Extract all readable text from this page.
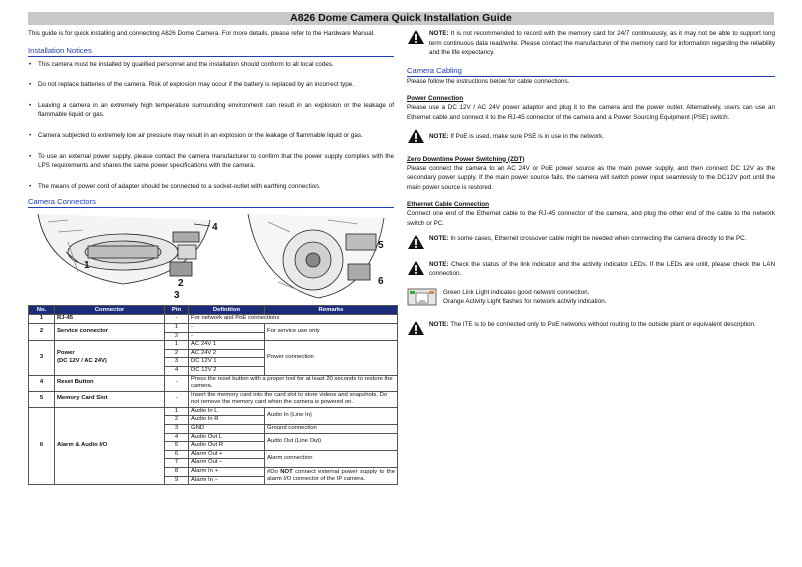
A826 Dome Camera Quick Installation Guide

This guide is for quick installing and connecting A826 Dome Camera. For more details, please refer to the Hardware Manual.

Installation Notices
• This camera must be installed by qualified personnel and the installation should conform to all local codes.
• Do not replace batteries of the camera. Risk of explosion may occur if the battery is replaced by an incorrect type.
• Leaving a camera in an extremely high temperature surrounding environment can result in an explosion or the leakage of flammable liquid or gas.
• Camera subjected to extremely low air pressure may result in an explosion or the leakage of flammable liquid or gas.
• To use an external power supply, please contact the camera manufacturer to confirm that the power supply complies with the LPS requirements and shares the same power specifications with the camera.
• The means of power cord of adapter should be connected to a socket-outlet with earthing connection.
Camera Connectors
1
2
3
4
5
6
No.	Connector	Pin	Definition	Remarks
1	RJ-45	-	For network and PoE connections	
2	Service connector	1	-	For service use only
		2	-	
3	Power
(DC 12V / AC 24V)	1	AC 24V 1	Power connection
		2	AC 24V 2	
		3	DC 12V 1	
		4	DC 12V 2	
4	Reset Button	-	Press the reset button with a proper tool for at least 20 seconds to restore the camera.	
5	Memory Card Slot	-	Insert the memory card into the card slot to store videos and snapshots. Do not remove the memory card when the camera is powered on.	
6	Alarm & Audio I/O	1	Audio In L	Audio In (Line In)
		2	Audio In R	
		3	GND	Ground connection
		4	Audio Out L	Audio Out (Line Out)
		5	Audio Out R	
		6	Alarm Out +	Alarm connection
		7	Alarm Out −	
		8	Alarm In +	#Do NOT connect external power supply to the alarm I/O connector of the IP camera.
		9	Alarm In −	

NOTE: It is not recommended to record with the memory card for 24/7 continuously, as it may not be able to support long term continuous data read/write. Please contact the manufacturer of the memory card for information regarding the reliability and the life expectancy.

Camera Cabling

Please follow the instructions below for cable connections.

Power Connection

Please use a DC 12V / AC 24V power adaptor and plug it to the camera and the power outlet. Alternatively, users can use an Ethernet cable and connect it to the RJ-45 connector of the camera and a Power Sourcing Equipment (PSE) switch.

NOTE: If PoE is used, make sure PSE is in use in the network.

Zero Downtime Power Switching (ZDT)

Please connect the camera to an AC 24V or PoE power source as the main power supply, and then connect DC 12V as the secondary power supply. If the main power source fails, the camera will switch power input seamlessly to the DC12V port until the main power source is restored.

Ethernet Cable Connection

Connect one end of the Ethernet cable to the RJ-45 connector of the camera, and plug the other end of the cable to the network switch or PC.

NOTE: In some cases, Ethernet crossover cable might be needed when connecting the camera directly to the PC.

NOTE: Check the status of the link indicator and the activity indicator LEDs. If the LEDs are unlit, please check the LAN connection.

Green Link Light indicates good network connection.
Orange Activity Light flashes for network activity indication.

NOTE: The ITE is to be connected only to PoE networks without routing to the outside plant or equivalent description.
